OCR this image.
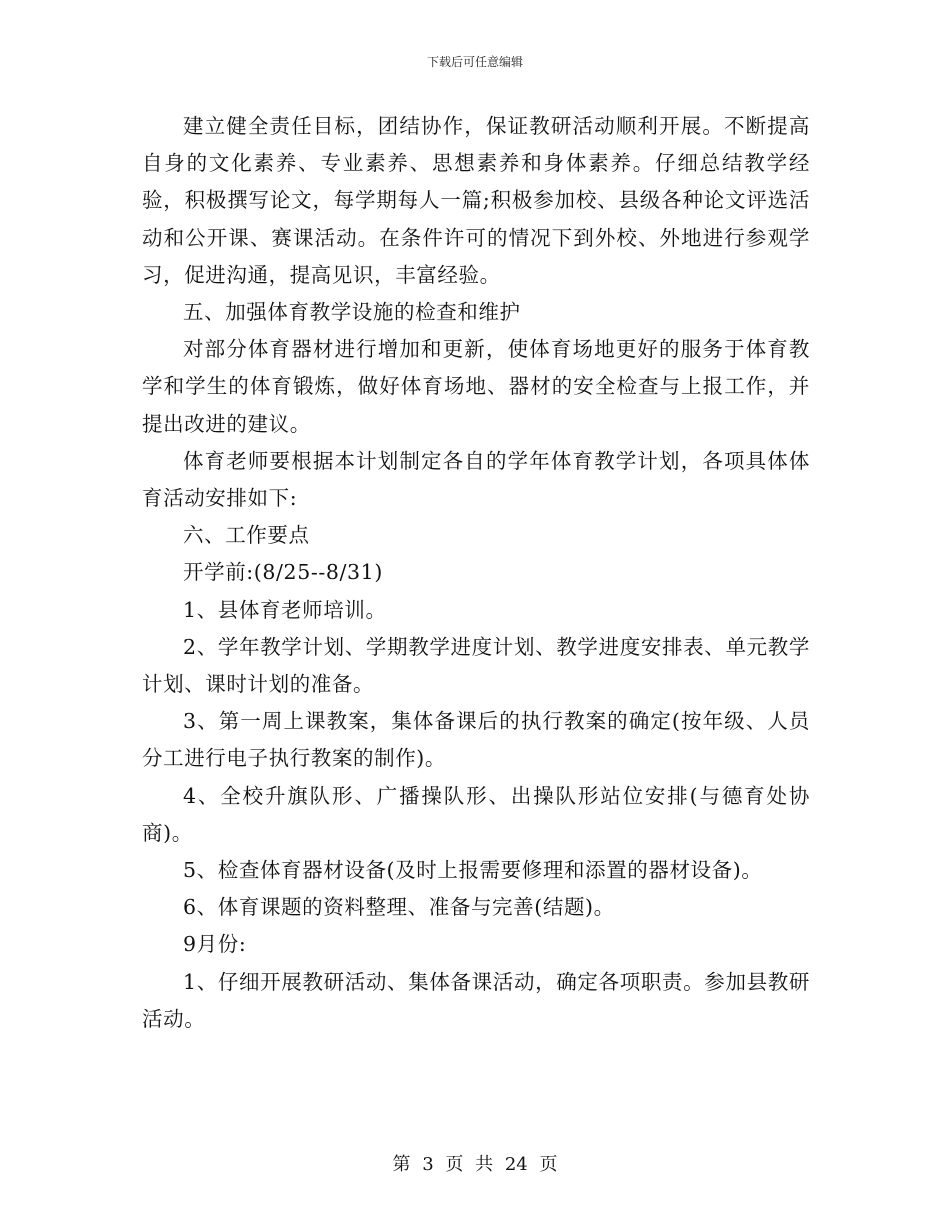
下载后可任意编辑

建立健全责任目标，团结协作，保证教研活动顺利开展。不断提高自身的文化素养、专业素养、思想素养和身体素养。仔细总结教学经验，积极撰写论文，每学期每人一篇;积极参加校、县级各种论文评选活动和公开课、赛课活动。在条件许可的情况下到外校、外地进行参观学习，促进沟通，提高见识，丰富经验。

五、加强体育教学设施的检查和维护

对部分体育器材进行增加和更新，使体育场地更好的服务于体育教学和学生的体育锻炼，做好体育场地、器材的安全检查与上报工作，并提出改进的建议。

体育老师要根据本计划制定各自的学年体育教学计划，各项具体体育活动安排如下:

六、工作要点

开学前:(8/25--8/31)

1、县体育老师培训。

2、学年教学计划、学期教学进度计划、教学进度安排表、单元教学计划、课时计划的准备。

3、第一周上课教案，集体备课后的执行教案的确定(按年级、人员分工进行电子执行教案的制作)。

4、全校升旗队形、广播操队形、出操队形站位安排(与德育处协商)。

5、检查体育器材设备(及时上报需要修理和添置的器材设备)。

6、体育课题的资料整理、准备与完善(结题)。

9月份:

1、仔细开展教研活动、集体备课活动，确定各项职责。参加县教研活动。

第 3 页 共 24 页
